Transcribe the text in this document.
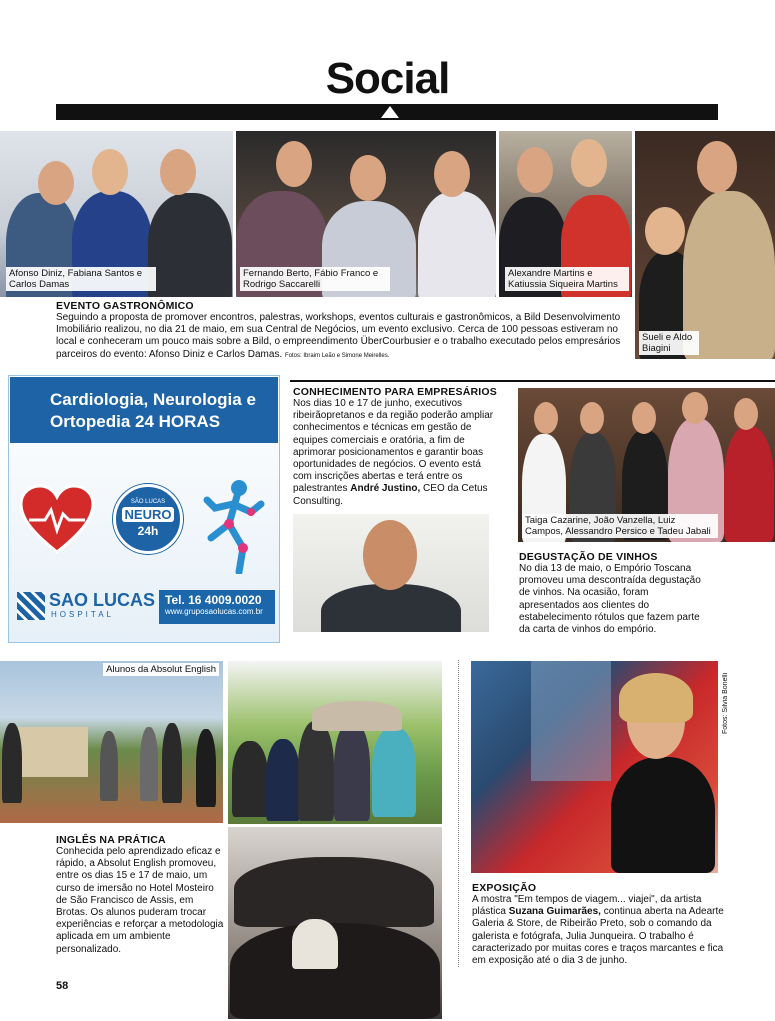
Social
Afonso Diniz, Fabiana Santos e Carlos Damas
Fernando Berto, Fábio Franco e Rodrigo Saccarelli
Alexandre Martins e Katiussia Siqueira Martins
Sueli e Aldo Biagini
EVENTO GASTRONÔMICO
Seguindo a proposta de promover encontros, palestras, workshops, eventos culturais e gastronômicos, a Bild Desenvolvimento Imobiliário realizou, no dia 21 de maio, em sua Central de Negócios, um evento exclusivo. Cerca de 100 pessoas estiveram no local e conheceram um pouco mais sobre a Bild, o empreendimento ÜberCourbusier e o trabalho executado pelos empresários parceiros do evento: Afonso Diniz e Carlos Damas. Fotos: Ibraim Leão e Simone Meirelles.
Cardiologia, Neurologia e Ortopedia 24 HORAS
SÃO LUCAS
NEURO
24h
SAO LUCAS
HOSPITAL
Tel. 16 4009.0020
www.gruposaolucas.com.br
CONHECIMENTO PARA EMPRESÁRIOS
Nos dias 10 e 17 de junho, executivos ribeirãopretanos e da região poderão ampliar conhecimentos e técnicas em gestão de equipes comerciais e oratória, a fim de aprimorar posicionamentos e garantir boas oportunidades de negócios. O evento está com inscrições abertas e terá entre os palestrantes André Justino, CEO da Cetus Consulting.
Taiga Cazarine, João Vanzella, Luiz Campos, Alessandro Persico e Tadeu Jabali
DEGUSTAÇÃO DE VINHOS
No dia 13 de maio, o Empório Toscana promoveu uma descontraída degustação de vinhos. Na ocasião, foram apresentados aos clientes do estabelecimento rótulos que fazem parte da carta de vinhos do empório.
Alunos da Absolut English
INGLÊS NA PRÁTICA
Conhecida pelo aprendizado eficaz e rápido, a Absolut English promoveu, entre os dias 15 e 17 de maio, um curso de imersão no Hotel Mosteiro de São Francisco de Assis, em Brotas. Os alunos puderam trocar experiências e reforçar a metodologia aplicada em um ambiente personalizado.
Fotos: Silvia Bonelli
EXPOSIÇÃO
A mostra "Em tempos de viagem... viajei", da artista plástica Suzana Guimarães, continua aberta na Adearte Galeria & Store, de Ribeirão Preto, sob o comando da galerista e fotógrafa, Julia Junqueira. O trabalho é caracterizado por muitas cores e traços marcantes e fica em exposição até o dia 3 de junho.
58
